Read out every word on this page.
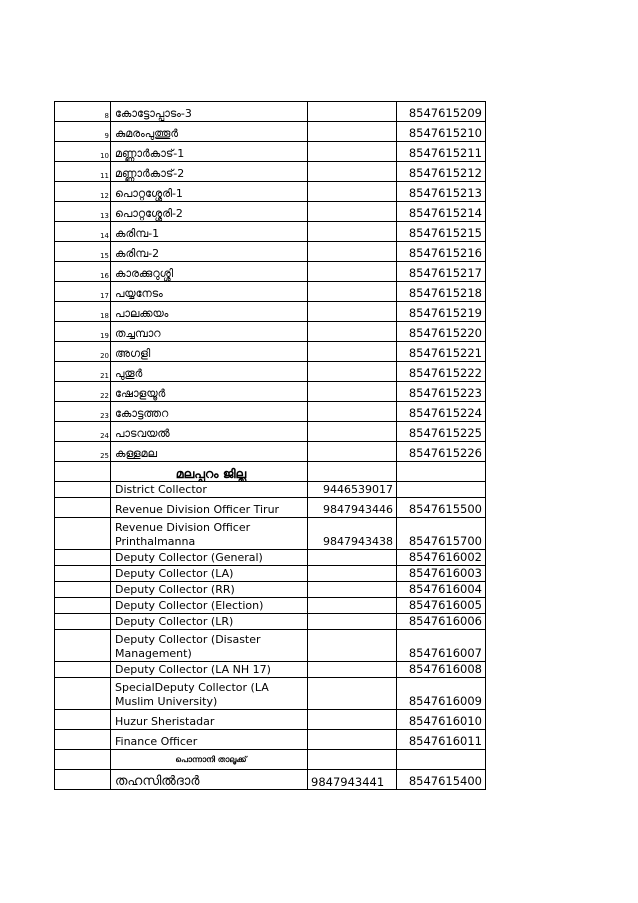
8	കോട്ടോപ്പാടം-3		8547615209
9	കുമരംപുത്തൂർ		8547615210
10	മണ്ണാർകാട്-1		8547615211
11	മണ്ണാർകാട്-2		8547615212
12	പൊറ്റശ്ശേരി-1		8547615213
13	പൊറ്റശ്ശേരി-2		8547615214
14	കരിമ്പ-1		8547615215
15	കരിമ്പ-2		8547615216
16	കാരക്കുറുശ്ശി		8547615217
17	പയ്യനേടം		8547615218
18	പാലക്കയം		8547615219
19	തച്ചമ്പാറ		8547615220
20	അഗളി		8547615221
21	പുതൂർ		8547615222
22	ഷോളയൂർ		8547615223
23	കോട്ടത്തറ		8547615224
24	പാടവയൽ		8547615225
25	കള്ളമല		8547615226
	മലപ്പുറം ജില്ല		
	District Collector	9446539017	
	Revenue Division Officer Tirur	9847943446	8547615500
	Revenue Division Officer Printhalmanna	9847943438	8547615700
	Deputy Collector (General)		8547616002
	Deputy Collector (LA)		8547616003
	Deputy Collector (RR)		8547616004
	Deputy Collector (Election)		8547616005
	Deputy Collector (LR)		8547616006
	Deputy Collector (Disaster Management)		8547616007
	Deputy Collector (LA NH 17)		8547616008
	SpecialDeputy Collector (LA Muslim University)		8547616009
	Huzur Sheristadar		8547616010
	Finance Officer		8547616011
	പൊന്നാനി താലൂക്ക്		
	തഹസിൽദാർ	9847943441	8547615400
